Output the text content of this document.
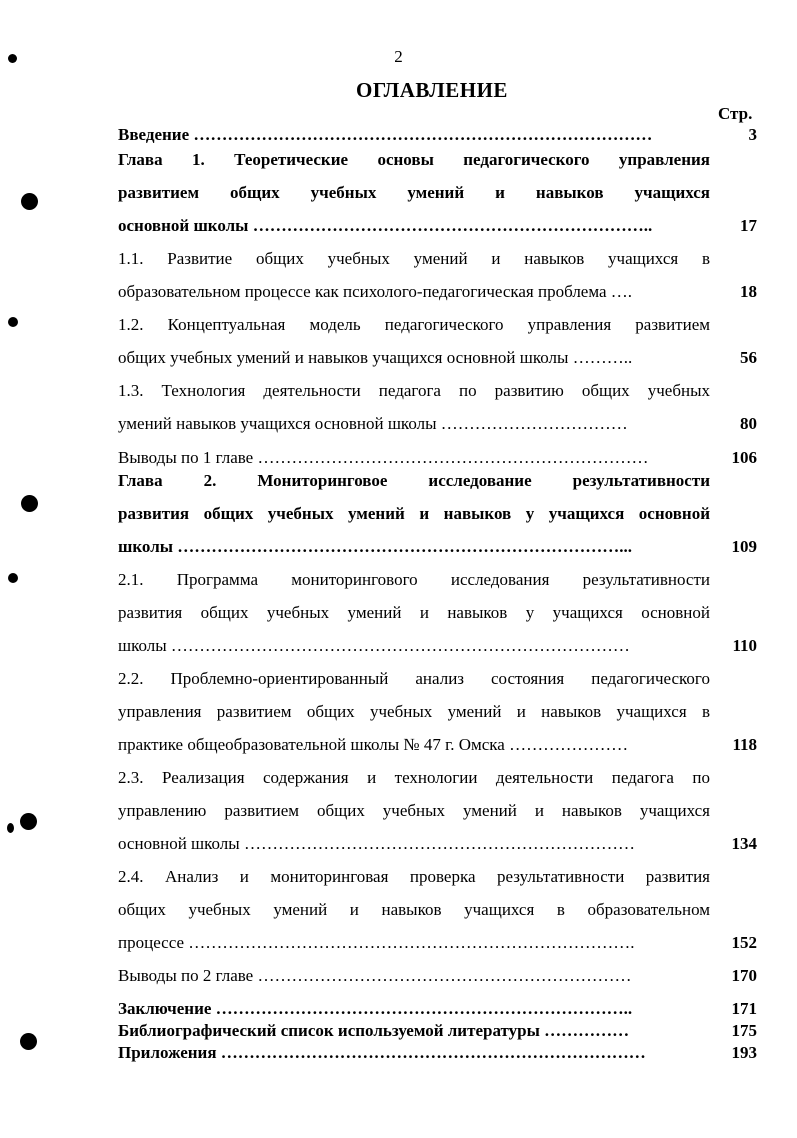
2
ОГЛАВЛЕНИЕ
Стр.
Введение ………………………………………………………………………	3
Глава 1. Теоретические основы педагогического управления
развитием общих учебных умений и навыков учащихся
основной школы ……………………………………………………………..	17
1.1. Развитие общих учебных умений и навыков учащихся в
образовательном процессе как психолого-педагогическая проблема ….	18
1.2. Концептуальная модель педагогического управления развитием
общих учебных умений и навыков учащихся основной школы ………..	56
1.3. Технология деятельности педагога по развитию общих учебных
умений навыков учащихся основной школы ……………………………	80
Выводы по 1 главе ……………………………………………………………	106
Глава 2. Мониторинговое исследование результативности
развития общих учебных умений и навыков у учащихся основной
школы ……………………………………………………………………...	109
2.1. Программа мониторингового исследования результативности
развития общих учебных умений и навыков у учащихся основной
школы ………………………………………………………………………	110
2.2. Проблемно-ориентированный анализ состояния педагогического
управления развитием общих учебных умений и навыков учащихся в
практике общеобразовательной школы № 47 г. Омска …………………	118
2.3. Реализация содержания и технологии деятельности педагога по
управлению развитием общих учебных умений и навыков учащихся
основной школы ……………………………………………………………	134
2.4. Анализ и мониторинговая проверка результативности развития
общих учебных умений и навыков учащихся в образовательном
процессе …………………………………………………………………….	152
Выводы по 2 главе …………………………………………………………	170
Заключение ………………………………………………………………..	171
Библиографический список используемой литературы ……………	175
Приложения …………………………………………………………………	193
